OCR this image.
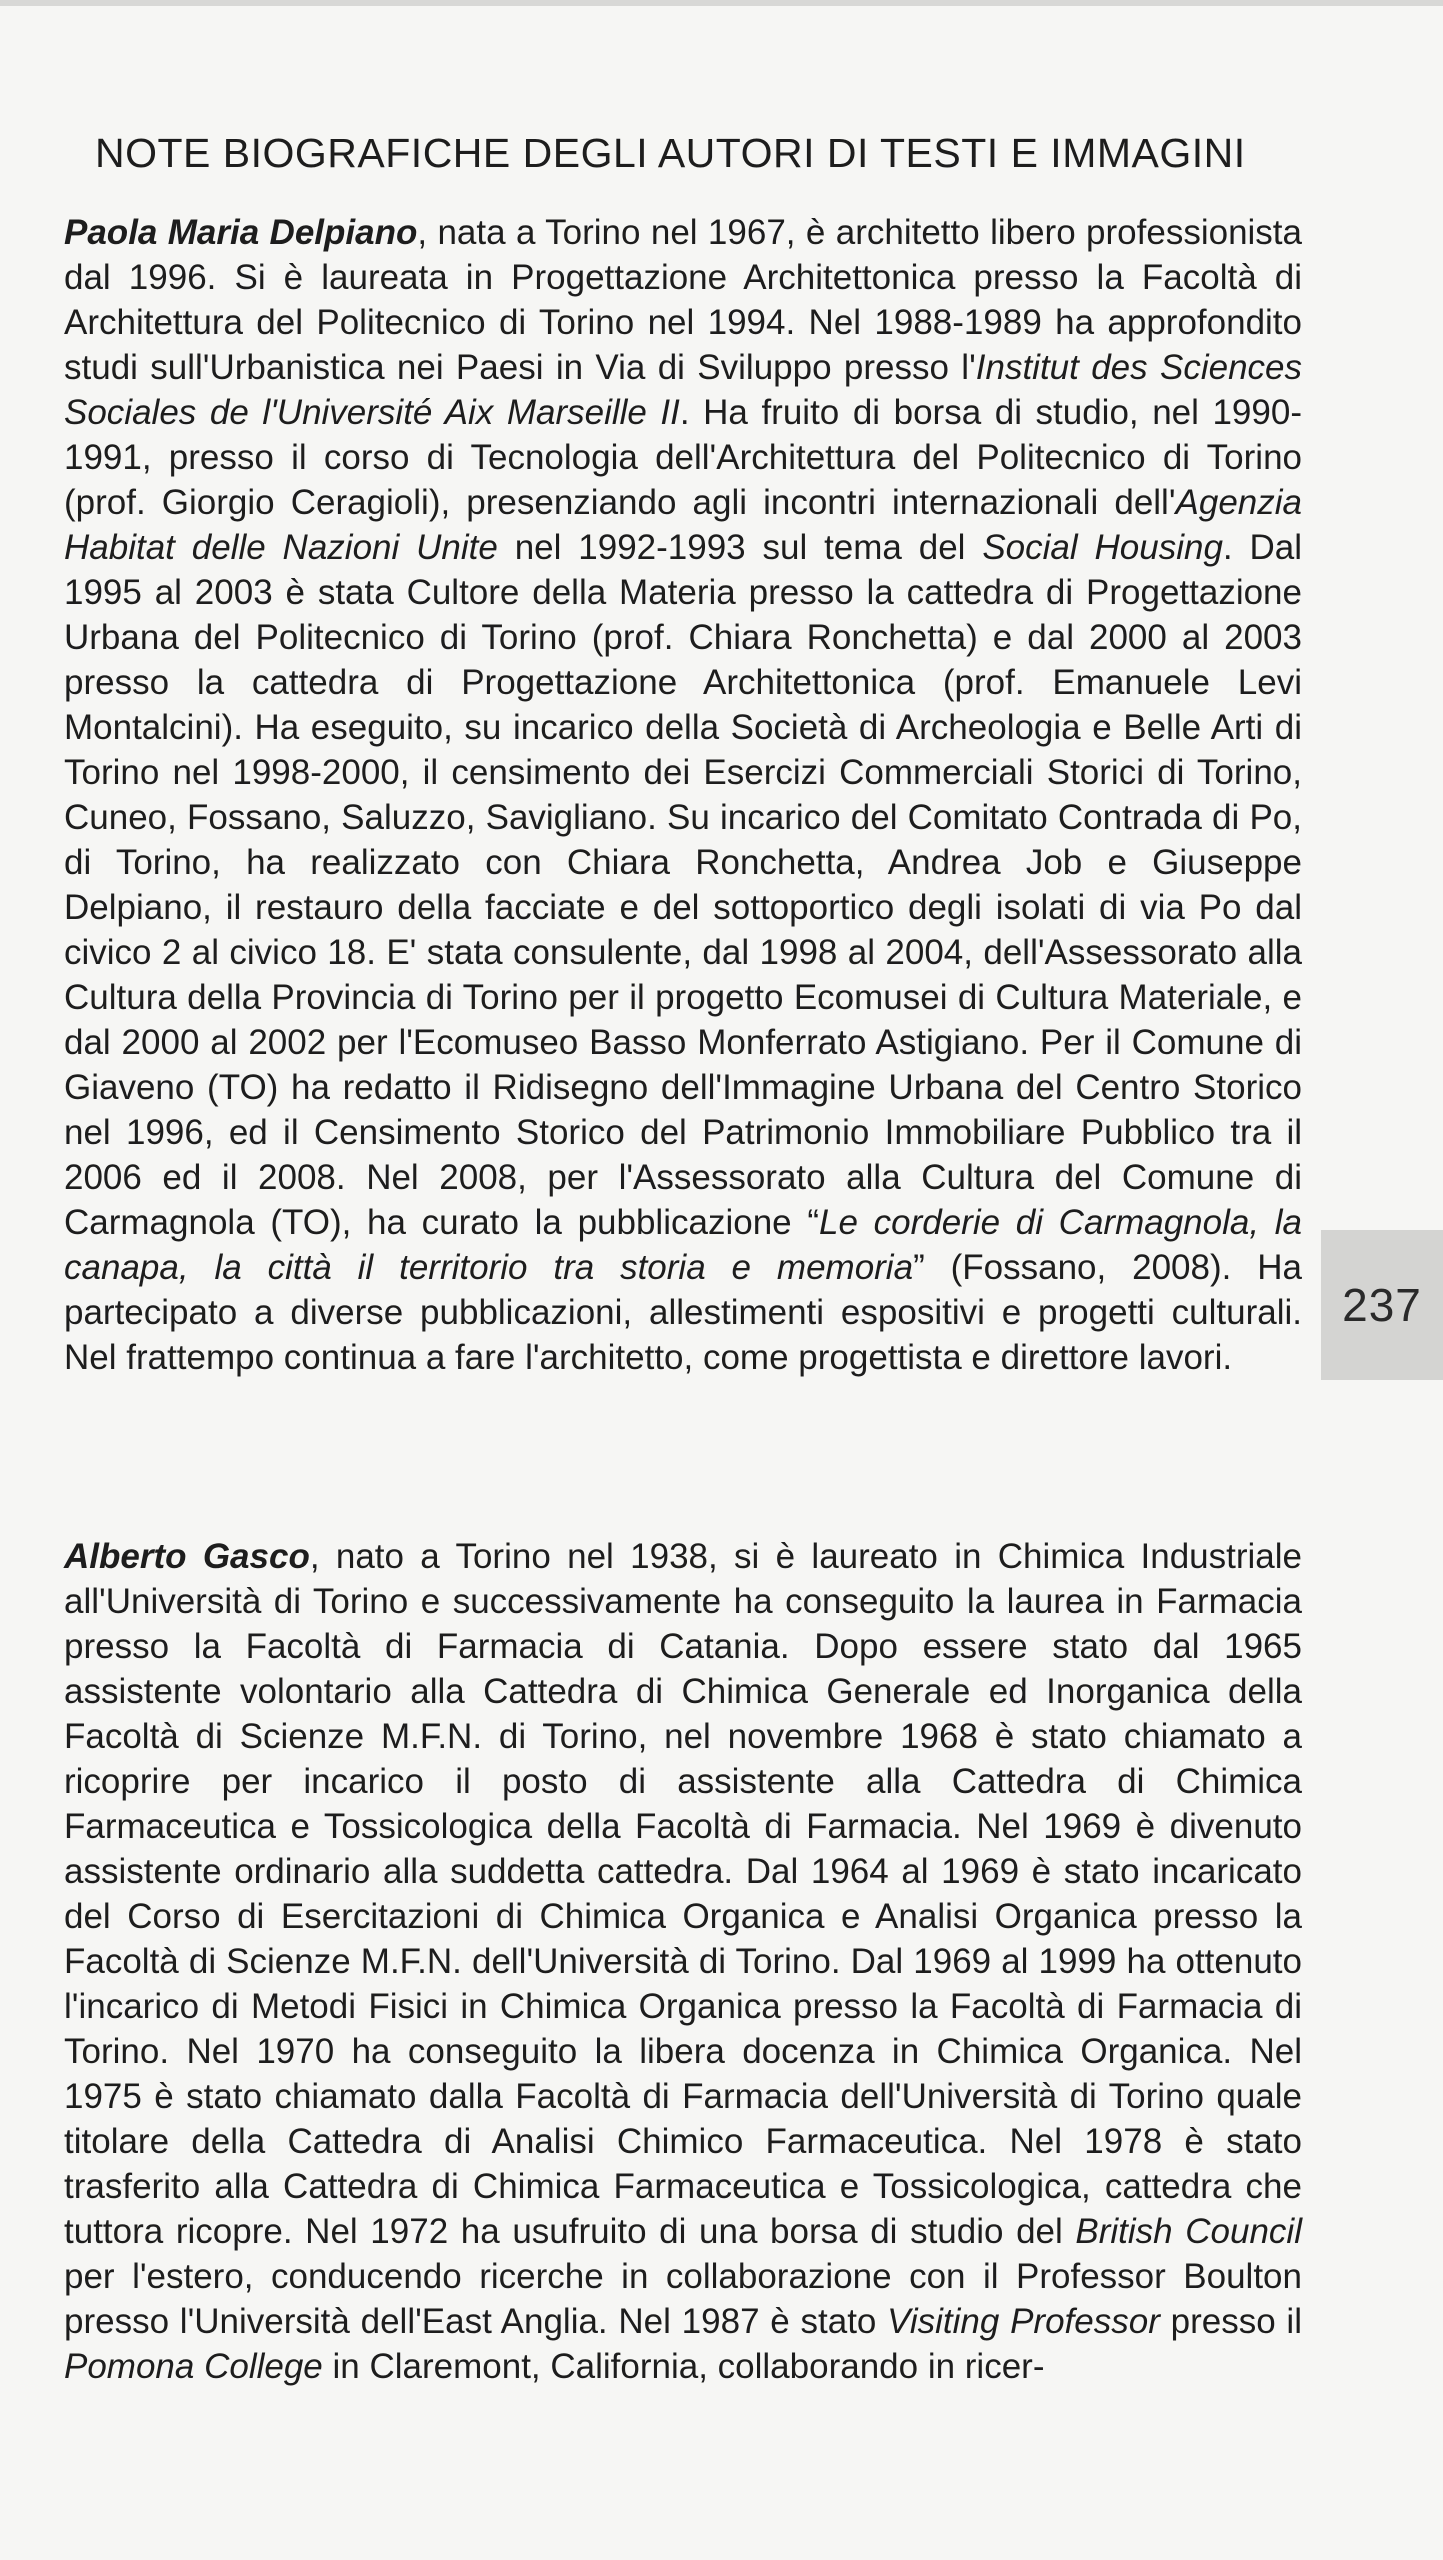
NOTE BIOGRAFICHE DEGLI AUTORI DI TESTI E IMMAGINI

Paola Maria Delpiano, nata a Torino nel 1967, è architetto libero professionista dal 1996. Si è laureata in Progettazione Architettonica presso la Facoltà di Architettura del Politecnico di Torino nel 1994. Nel 1988-1989 ha approfondito studi sull'Urbanistica nei Paesi in Via di Sviluppo presso l'Institut des Sciences Sociales de l'Université Aix Marseille II. Ha fruito di borsa di studio, nel 1990-1991, presso il corso di Tecnologia dell'Architettura del Politecnico di Torino (prof. Giorgio Ceragioli), presenziando agli incontri internazionali dell'Agenzia Habitat delle Nazioni Unite nel 1992-1993 sul tema del Social Housing. Dal 1995 al 2003 è stata Cultore della Materia presso la cattedra di Progettazione Urbana del Politecnico di Torino (prof. Chiara Ronchetta) e dal 2000 al 2003 presso la cattedra di Progettazione Architettonica (prof. Emanuele Levi Montalcini). Ha eseguito, su incarico della Società di Archeologia e Belle Arti di Torino nel 1998-2000, il censimento dei Esercizi Commerciali Storici di Torino, Cuneo, Fossano, Saluzzo, Savigliano. Su incarico del Comitato Contrada di Po, di Torino, ha realizzato con Chiara Ronchetta, Andrea Job e Giuseppe Delpiano, il restauro della facciate e del sottoportico degli isolati di via Po dal civico 2 al civico 18. E' stata consulente, dal 1998 al 2004, dell'Assessorato alla Cultura della Provincia di Torino per il progetto Ecomusei di Cultura Materiale, e dal 2000 al 2002 per l'Ecomuseo Basso Monferrato Astigiano. Per il Comune di Giaveno (TO) ha redatto il Ridisegno dell'Immagine Urbana del Centro Storico nel 1996, ed il Censimento Storico del Patrimonio Immobiliare Pubblico tra il 2006 ed il 2008. Nel 2008, per l'Assessorato alla Cultura del Comune di Carmagnola (TO), ha curato la pubblicazione “Le corderie di Carmagnola, la canapa, la città il territorio tra storia e memoria” (Fossano, 2008). Ha partecipato a diverse pubblicazioni, allestimenti espositivi e progetti culturali. Nel frattempo continua a fare l'architetto, come progettista e direttore lavori.

Alberto Gasco, nato a Torino nel 1938, si è laureato in Chimica Industriale all'Università di Torino e successivamente ha conseguito la laurea in Farmacia presso la Facoltà di Farmacia di Catania. Dopo essere stato dal 1965 assistente volontario alla Cattedra di Chimica Generale ed Inorganica della Facoltà di Scienze M.F.N. di Torino, nel novembre 1968 è stato chiamato a ricoprire per incarico il posto di assistente alla Cattedra di Chimica Farmaceutica e Tossicologica della Facoltà di Farmacia. Nel 1969 è divenuto assistente ordinario alla suddetta cattedra. Dal 1964 al 1969 è stato incaricato del Corso di Esercitazioni di Chimica Organica e Analisi Organica presso la Facoltà di Scienze M.F.N. dell'Università di Torino. Dal 1969 al 1999 ha ottenuto l'incarico di Metodi Fisici in Chimica Organica presso la Facoltà di Farmacia di Torino. Nel 1970 ha conseguito la libera docenza in Chimica Organica. Nel 1975 è stato chiamato dalla Facoltà di Farmacia dell'Università di Torino quale titolare della Cattedra di Analisi Chimico Farmaceutica. Nel 1978 è stato trasferito alla Cattedra di Chimica Farmaceutica e Tossicologica, cattedra che tuttora ricopre. Nel 1972 ha usufruito di una borsa di studio del British Council per l'estero, conducendo ricerche in collaborazione con il Professor Boulton presso l'Università dell'East Anglia. Nel 1987 è stato Visiting Professor presso il Pomona College in Claremont, California, collaborando in ricer-

237
